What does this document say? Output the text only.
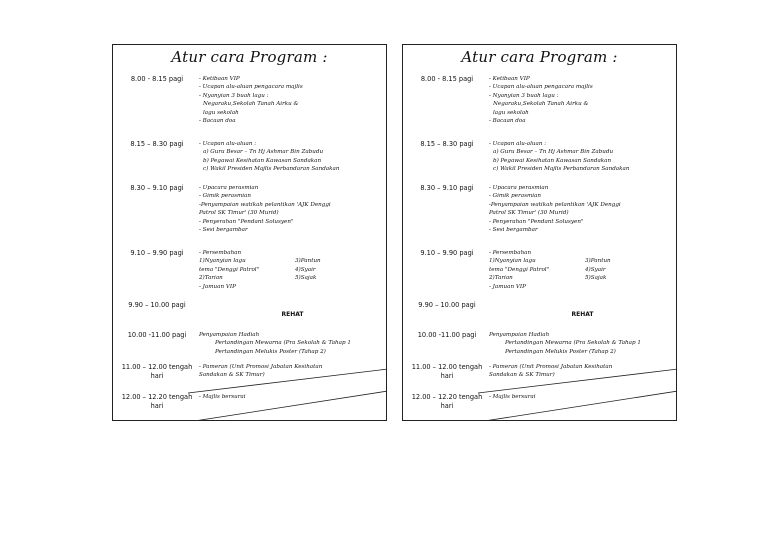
Atur cara Program :
8.00 - 8.15 pagi	- Ketibaan VIP
- Ucapan alu-aluan pengacara majlis
- Nyanyian 3 buah lagu :
Negaraku,Sekolah Tanah Airku &
lagu sekolah
- Bacaan doa
8.15 – 8.30 pagi	- Ucapan alu-aluan :
a) Guru Besar – Tn Hj Ashmar Bin Zabudu
b) Pegawai Kesihatan Kawasan Sandakan
c) Wakil Presiden Majlis Perbandaran Sandakan
8.30 – 9.10 pagi	- Upacara perasmian
- Gimik perasmian
-Penyampaian watikah pelantikan 'AJK Denggi
Patrol SK Timur' (30 Murid)
- Penyerahan "Pendant Solusyen"
- Sesi bergambar
9.10 – 9.90 pagi	- Persembahan
1)Nyanyian lagu	3)Pantun
tema "Denggi Patrol"	4)Syair
2)Tarian	5)Sajak
- Jamuan VIP
9.90 – 10.00 pagi
REHAT
10.00 -11.00 pagi	Penyampaian Hadiah
Pertandingan Mewarna (Pra Sekolah & Tahap 1
Pertandingan Melukis Poster (Tahap 2)
11.00 – 12.00 tengah hari
- Pameran (Unit Promosi Jabatan Kesihatan
Sandakan & SK Timur)
12.00 – 12.20 tengah hari
- Majlis bersurai
Atur cara Program :
8.00 - 8.15 pagi	- Ketibaan VIP
- Ucapan alu-aluan pengacara majlis
- Nyanyian 3 buah lagu :
Negaraku,Sekolah Tanah Airku &
lagu sekolah
- Bacaan doa
8.15 – 8.30 pagi	- Ucapan alu-aluan :
a) Guru Besar – Tn Hj Ashmar Bin Zabudu
b) Pegawai Kesihatan Kawasan Sandakan
c) Wakil Presiden Majlis Perbandaran Sandakan
8.30 – 9.10 pagi	- Upacara perasmian
- Gimik perasmian
-Penyampaian watikah pelantikan 'AJK Denggi
Patrol SK Timur' (30 Murid)
- Penyerahan "Pendant Solusyen"
- Sesi bergambar
9.10 – 9.90 pagi	- Persembahan
1)Nyanyian lagu	3)Pantun
tema "Denggi Patrol"	4)Syair
2)Tarian	5)Sajak
- Jamuan VIP
9.90 – 10.00 pagi
REHAT
10.00 -11.00 pagi	Penyampaian Hadiah
Pertandingan Mewarna (Pra Sekolah & Tahap 1
Pertandingan Melukis Poster (Tahap 2)
11.00 – 12.00 tengah hari
- Pameran (Unit Promosi Jabatan Kesihatan
Sandakan & SK Timur)
12.00 – 12.20 tengah hari
- Majlis bersurai
